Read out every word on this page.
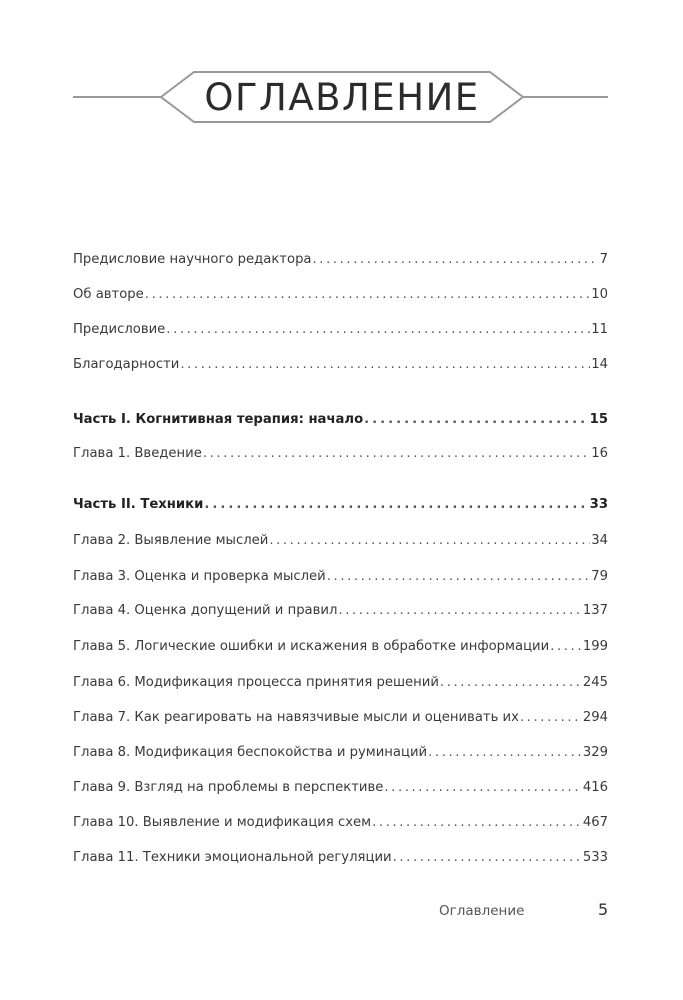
ОГЛАВЛЕНИЕ
Предисловие научного редактора . . .	7
Об авторе . . .	10
Предисловие . . .	11
Благодарности . . .	14
Часть I. Когнитивная терапия: начало . . .	15
Глава 1. Введение . . .	16
Часть II. Техники . . .	33
Глава 2. Выявление мыслей . . .	34
Глава 3. Оценка и проверка мыслей . . .	79
Глава 4. Оценка допущений и правил . . .	137
Глава 5. Логические ошибки и искажения в обработке информации . . .	199
Глава 6. Модификация процесса принятия решений . . .	245
Глава 7. Как реагировать на навязчивые мысли и оценивать их . . .	294
Глава 8. Модификация беспокойства и руминаций . . .	329
Глава 9. Взгляд на проблемы в перспективе . . .	416
Глава 10. Выявление и модификация схем . . .	467
Глава 11. Техники эмоциональной регуляции . . .	533
Оглавление	5
